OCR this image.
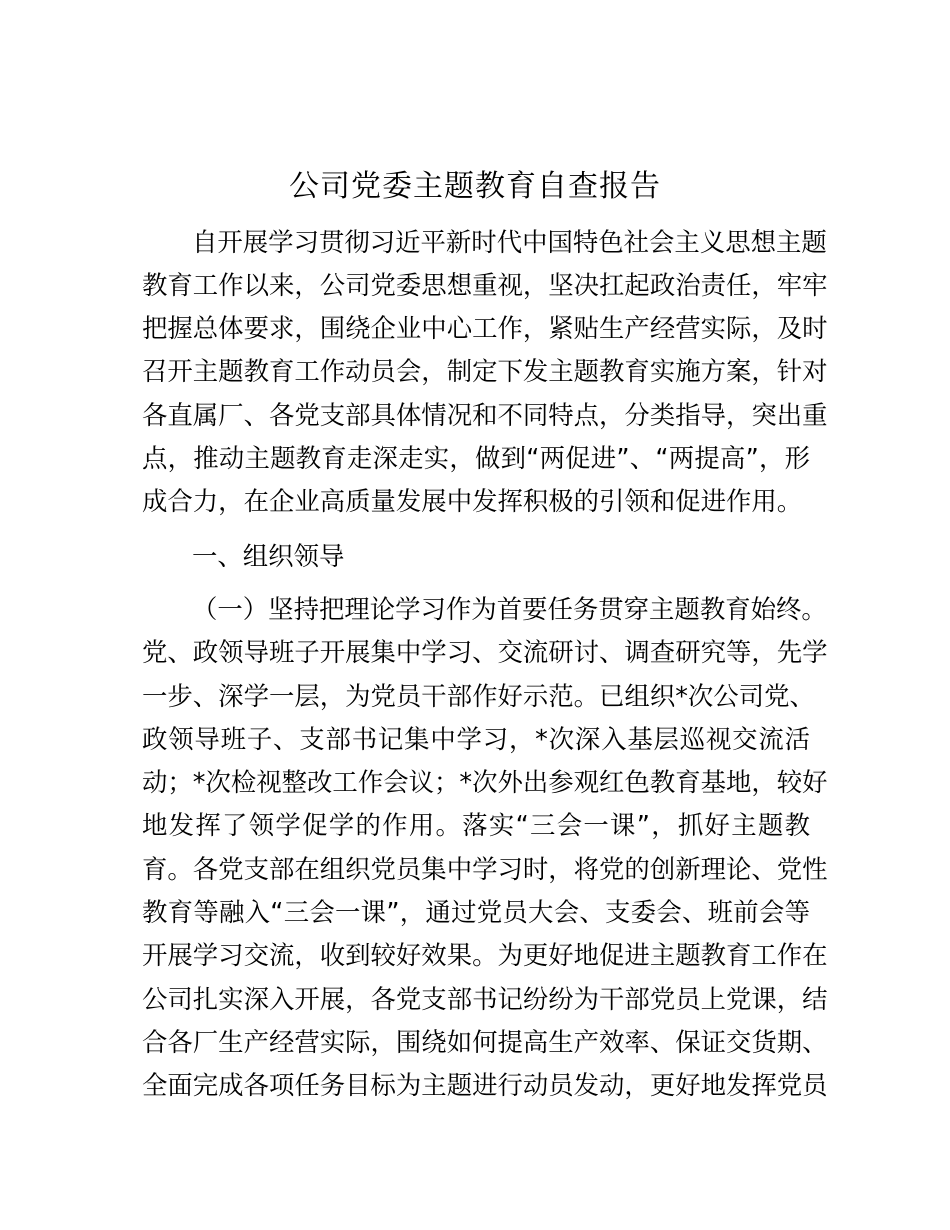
公司党委主题教育自查报告

自开展学习贯彻习近平新时代中国特色社会主义思想主题

教育工作以来，公司党委思想重视，坚决扛起政治责任，牢牢

把握总体要求，围绕企业中心工作，紧贴生产经营实际，及时

召开主题教育工作动员会，制定下发主题教育实施方案，针对

各直属厂、各党支部具体情况和不同特点，分类指导，突出重

点，推动主题教育走深走实，做到“两促进”、“两提高”，形

成合力，在企业高质量发展中发挥积极的引领和促进作用。

一、组织领导

（一）坚持把理论学习作为首要任务贯穿主题教育始终。

党、政领导班子开展集中学习、交流研讨、调查研究等，先学

一步、深学一层，为党员干部作好示范。已组织*次公司党、

政领导班子、支部书记集中学习，*次深入基层巡视交流活

动；*次检视整改工作会议；*次外出参观红色教育基地，较好

地发挥了领学促学的作用。落实“三会一课”，抓好主题教

育。各党支部在组织党员集中学习时，将党的创新理论、党性

教育等融入“三会一课”，通过党员大会、支委会、班前会等

开展学习交流，收到较好效果。为更好地促进主题教育工作在

公司扎实深入开展，各党支部书记纷纷为干部党员上党课，结

合各厂生产经营实际，围绕如何提高生产效率、保证交货期、

全面完成各项任务目标为主题进行动员发动，更好地发挥党员
